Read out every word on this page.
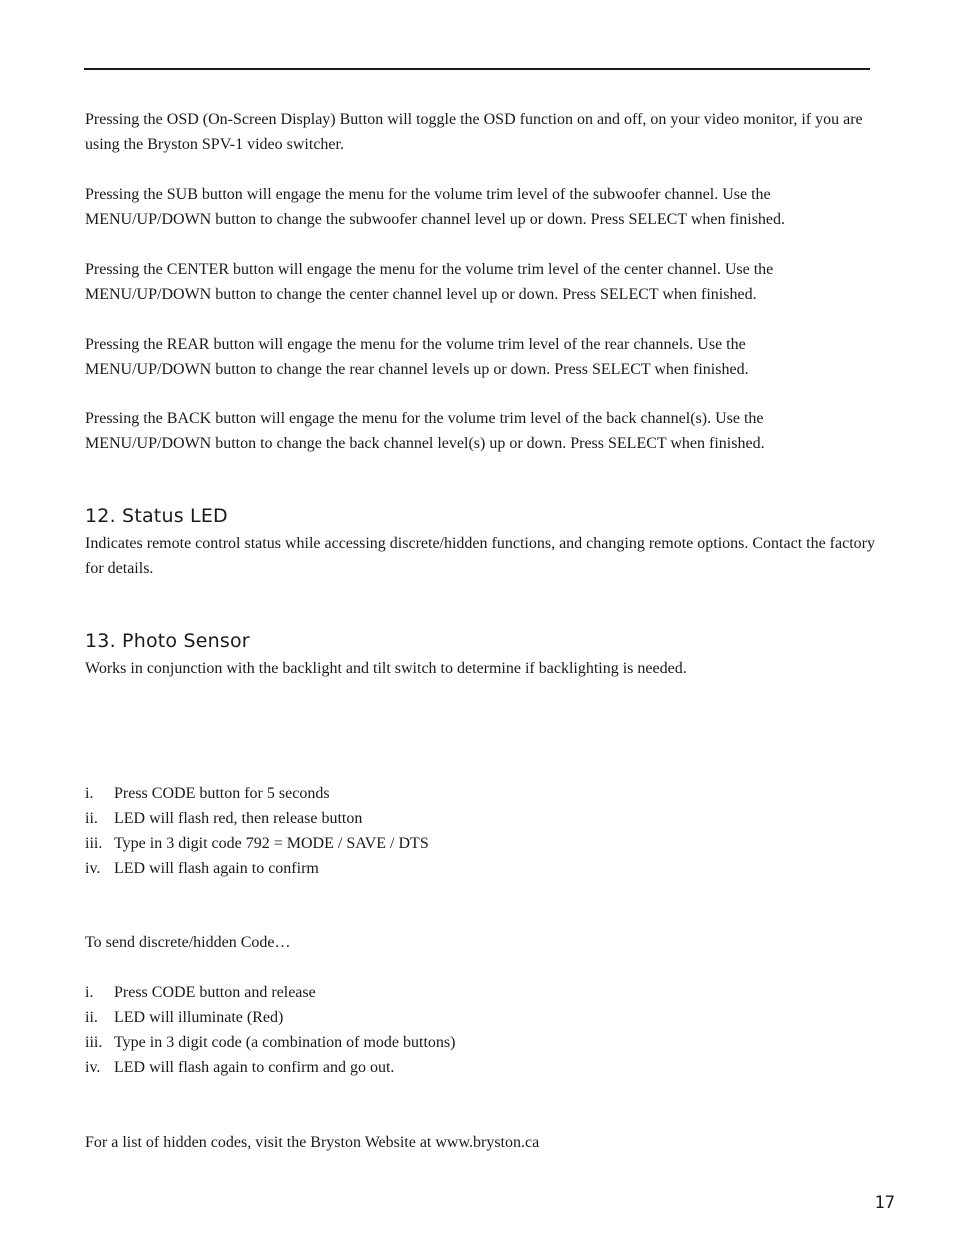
Pressing the OSD (On-Screen Display) Button will toggle the OSD function on and off, on your video monitor, if you are using the Bryston SPV-1 video switcher.

Pressing the SUB button will engage the menu for the volume trim level of the subwoofer channel. Use the MENU/UP/DOWN button to change the subwoofer channel level up or down. Press SELECT when finished.

Pressing the CENTER button will engage the menu for the volume trim level of the center channel. Use the MENU/UP/DOWN button to change the center channel level up or down. Press SELECT when finished.

Pressing the REAR button will engage the menu for the volume trim level of the rear channels. Use the MENU/UP/DOWN button to change the rear channel levels up or down. Press SELECT when finished.

Pressing the BACK button will engage the menu for the volume trim level of the back channel(s). Use the MENU/UP/DOWN button to change the back channel level(s) up or down. Press SELECT when finished.

12. Status LED

Indicates remote control status while accessing discrete/hidden functions, and changing remote options. Contact the factory for details.

13. Photo Sensor

Works in conjunction with the backlight and tilt switch to determine if backlighting is needed.

i. Press CODE button for 5 seconds
ii. LED will flash red, then release button
iii. Type in 3 digit code 792 = MODE / SAVE / DTS
iv. LED will flash again to confirm

To send discrete/hidden Code…

i. Press CODE button and release
ii. LED will illuminate (Red)
iii. Type in 3 digit code (a combination of mode buttons)
iv. LED will flash again to confirm and go out.

For a list of hidden codes, visit the Bryston Website at www.bryston.ca

17
